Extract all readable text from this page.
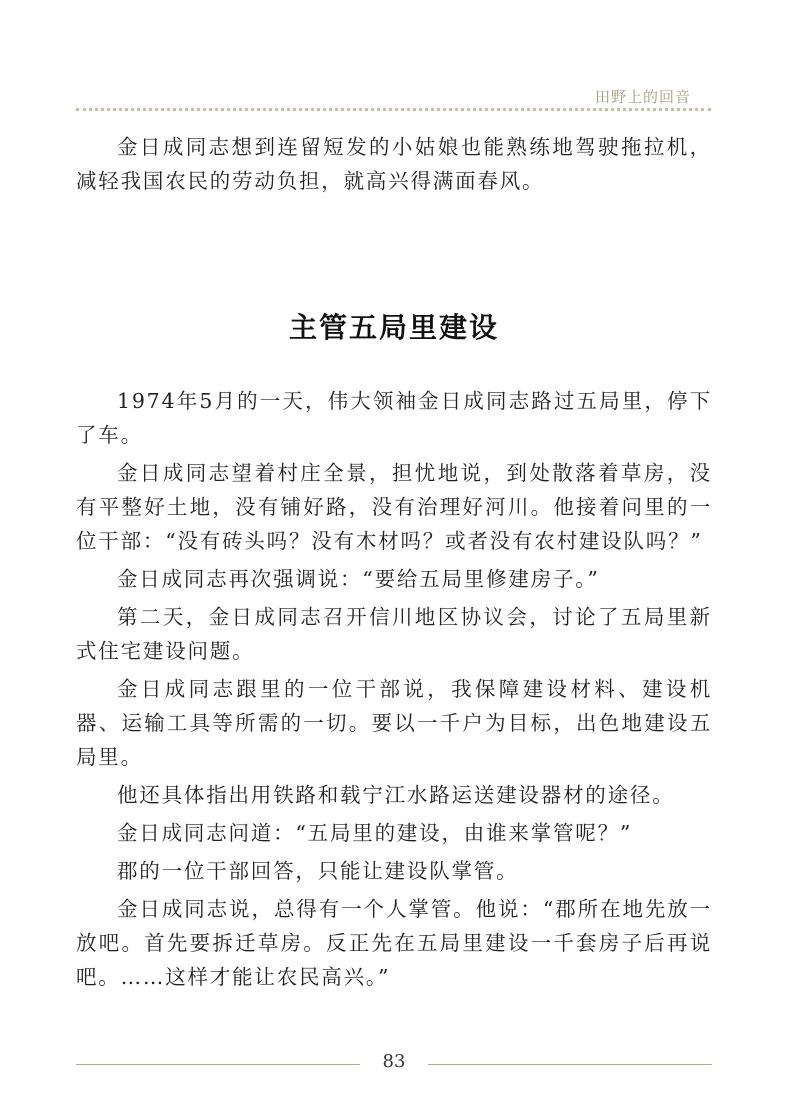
田野上的回音

金日成同志想到连留短发的小姑娘也能熟练地驾驶拖拉机，减轻我国农民的劳动负担，就高兴得满面春风。

主管五局里建设

1974年5月的一天，伟大领袖金日成同志路过五局里，停下了车。

金日成同志望着村庄全景，担忧地说，到处散落着草房，没有平整好土地，没有铺好路，没有治理好河川。他接着问里的一位干部：“没有砖头吗？没有木材吗？或者没有农村建设队吗？”

金日成同志再次强调说：“要给五局里修建房子。”

第二天，金日成同志召开信川地区协议会，讨论了五局里新式住宅建设问题。

金日成同志跟里的一位干部说，我保障建设材料、建设机器、运输工具等所需的一切。要以一千户为目标，出色地建设五局里。

他还具体指出用铁路和载宁江水路运送建设器材的途径。

金日成同志问道：“五局里的建设，由谁来掌管呢？”

郡的一位干部回答，只能让建设队掌管。

金日成同志说，总得有一个人掌管。他说：“郡所在地先放一放吧。首先要拆迁草房。反正先在五局里建设一千套房子后再说吧。……这样才能让农民高兴。”

83
